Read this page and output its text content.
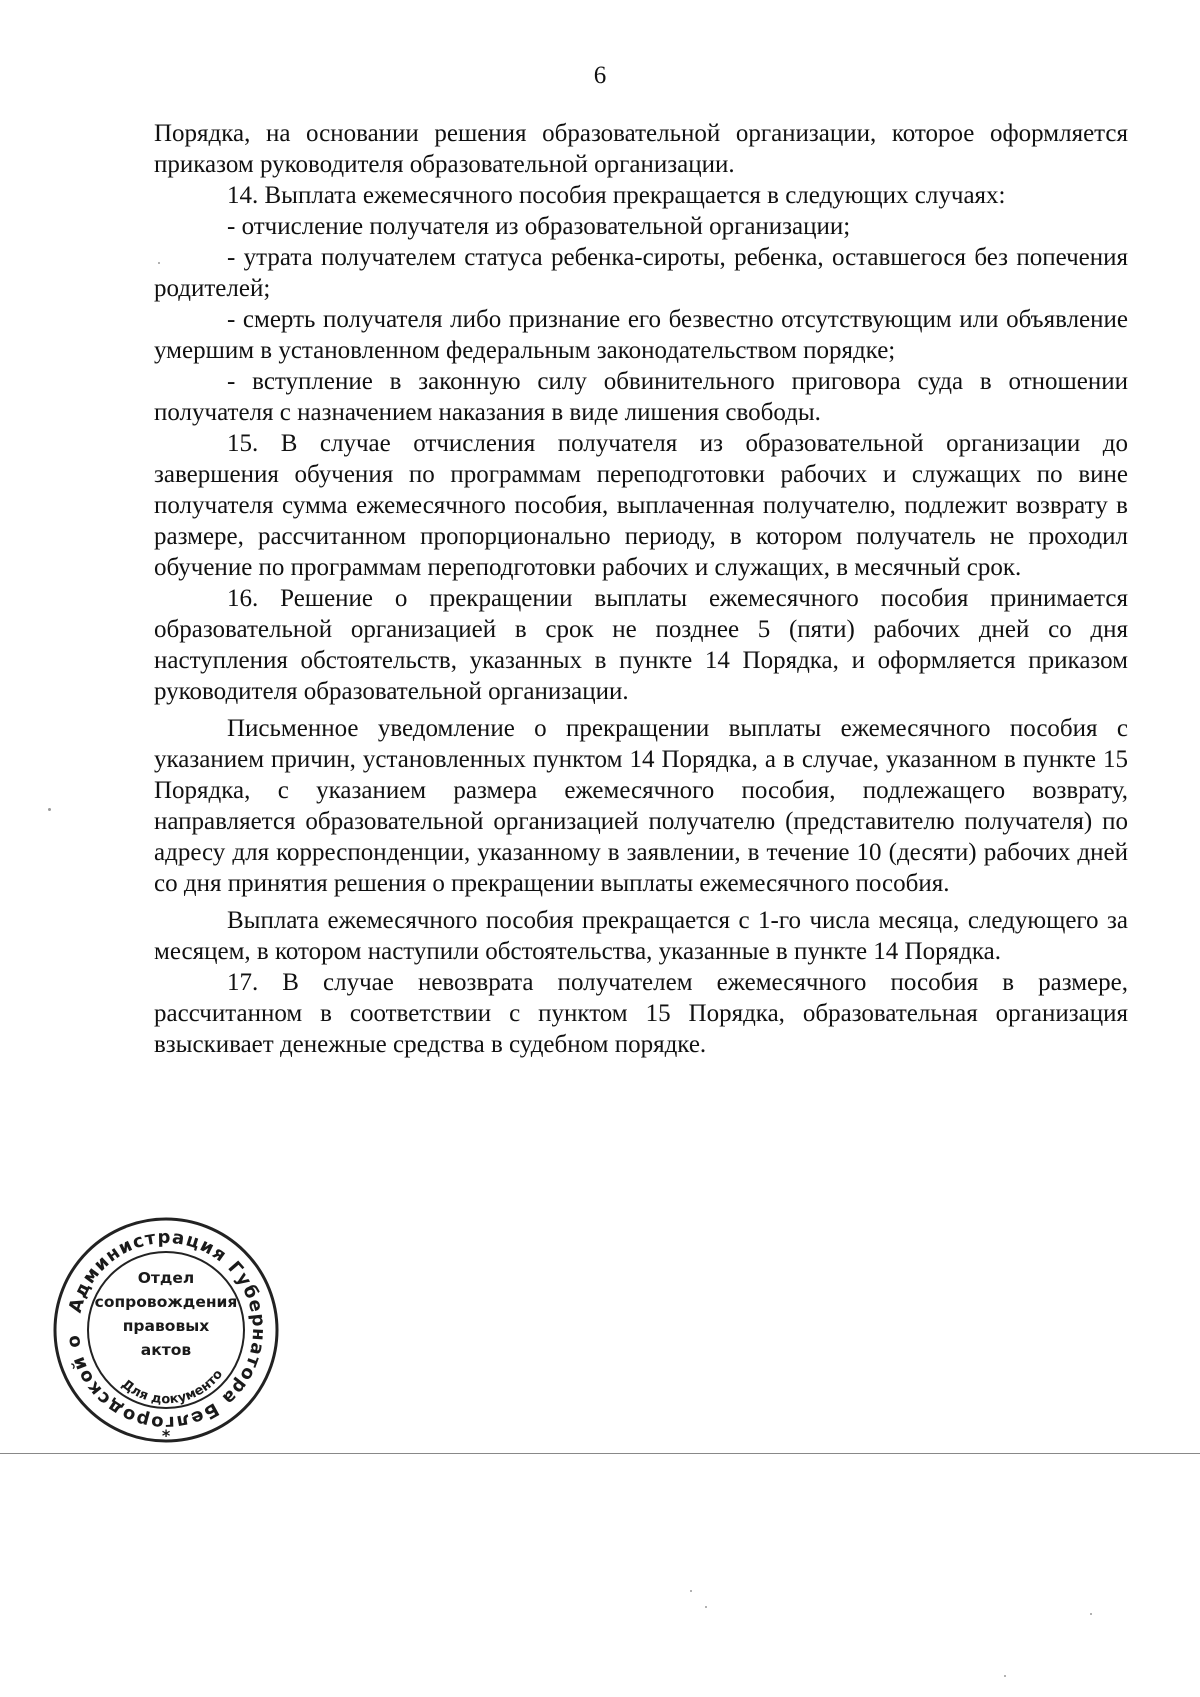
6

Порядка, на основании решения образовательной организации, которое оформляется приказом руководителя образовательной организации.

14. Выплата ежемесячного пособия прекращается в следующих случаях:

- отчисление получателя из образовательной организации;

- утрата получателем статуса ребенка-сироты, ребенка, оставшегося без попечения родителей;

- смерть получателя либо признание его безвестно отсутствующим или объявление умершим в установленном федеральным законодательством порядке;

- вступление в законную силу обвинительного приговора суда в отношении получателя с назначением наказания в виде лишения свободы.

15. В случае отчисления получателя из образовательной организации до завершения обучения по программам переподготовки рабочих и служащих по вине получателя сумма ежемесячного пособия, выплаченная получателю, подлежит возврату в размере, рассчитанном пропорционально периоду, в котором получатель не проходил обучение по программам переподготовки рабочих и служащих, в месячный срок.

16. Решение о прекращении выплаты ежемесячного пособия принимается образовательной организацией в срок не позднее 5 (пяти) рабочих дней со дня наступления обстоятельств, указанных в пункте 14 Порядка, и оформляется приказом руководителя образовательной организации.

Письменное уведомление о прекращении выплаты ежемесячного пособия с указанием причин, установленных пунктом 14 Порядка, а в случае, указанном в пункте 15 Порядка, с указанием размера ежемесячного пособия, подлежащего возврату, направляется образовательной организацией получателю (представителю получателя) по адресу для корреспонденции, указанному в заявлении, в течение 10 (десяти) рабочих дней со дня принятия решения о прекращении выплаты ежемесячного пособия.

Выплата ежемесячного пособия прекращается с 1-го числа месяца, следующего за месяцем, в котором наступили обстоятельства, указанные в пункте 14 Порядка.

17. В случае невозврата получателем ежемесячного пособия в размере, рассчитанном в соответствии с пунктом 15 Порядка, образовательная организация взыскивает денежные средства в судебном порядке.

Администрация Губернатора Белгородской о
Для документо
*
Отдел
сопровождения
правовых
актов
